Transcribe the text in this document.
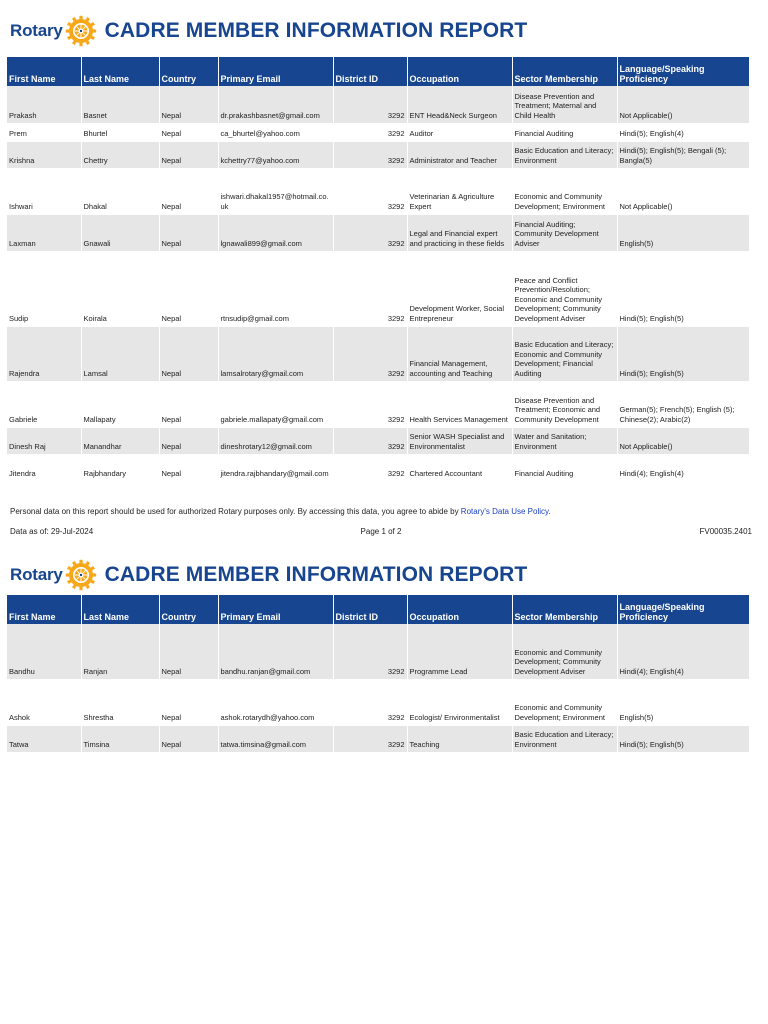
Rotary CADRE MEMBER INFORMATION REPORT
First Name	Last Name	Country	Primary Email	District ID	Occupation	Sector Membership	Language/Speaking Proficiency
Prakash	Basnet	Nepal	dr.prakashbasnet@gmail.com	3292	ENT Head&Neck Surgeon	Disease Prevention and Treatment; Maternal and Child Health	Not Applicable()
Prem	Bhurtel	Nepal	ca_bhurtel@yahoo.com	3292	Auditor	Financial Auditing	Hindi(5); English(4)
Krishna	Chettry	Nepal	kchettry77@yahoo.com	3292	Administrator and Teacher	Basic Education and Literacy; Environment	Hindi(5); English(5); Bengali (5); Bangla(5)
Ishwari	Dhakal	Nepal	ishwari.dhakal1957@hotmail.co.uk	3292	Veterinarian & Agriculture Expert	Economic and Community Development; Environment	Not Applicable()
Laxman	Gnawali	Nepal	lgnawali899@gmail.com	3292	Legal and Financial expert and practicing in these fields	Financial Auditing; Community Development Adviser	English(5)
Sudip	Koirala	Nepal	rtnsudip@gmail.com	3292	Development Worker, Social Entrepreneur	Peace and Conflict Prevention/Resolution; Economic and Community Development; Community Development Adviser	Hindi(5); English(5)
Rajendra	Lamsal	Nepal	lamsalrotary@gmail.com	3292	Financial Management, accounting and Teaching	Basic Education and Literacy; Economic and Community Development; Financial Auditing	Hindi(5); English(5)
Gabriele	Mallapaty	Nepal	gabriele.mallapaty@gmail.com	3292	Health Services Management	Disease Prevention and Treatment; Economic and Community Development	German(5); French(5); English (5); Chinese(2); Arabic(2)
Dinesh Raj	Manandhar	Nepal	dineshrotary12@gmail.com	3292	Senior WASH Specialist and Environmentalist	Water and Sanitation; Environment	Not Applicable()
Jitendra	Rajbhandary	Nepal	jitendra.rajbhandary@gmail.com	3292	Chartered Accountant	Financial Auditing	Hindi(4); English(4)
Personal data on this report should be used for authorized Rotary purposes only. By accessing this data, you agree to abide by Rotary's Data Use Policy.
Data as of: 29-Jul-2024	Page 1 of 2	FV00035.2401
Rotary CADRE MEMBER INFORMATION REPORT
First Name	Last Name	Country	Primary Email	District ID	Occupation	Sector Membership	Language/Speaking Proficiency
Bandhu	Ranjan	Nepal	bandhu.ranjan@gmail.com	3292	Programme Lead	Economic and Community Development; Community Development Adviser	Hindi(4); English(4)
Ashok	Shrestha	Nepal	ashok.rotarydh@yahoo.com	3292	Ecologist/ Environmentalist	Economic and Community Development; Environment	English(5)
Tatwa	Timsina	Nepal	tatwa.timsina@gmail.com	3292	Teaching	Basic Education and Literacy; Environment	Hindi(5); English(5)
